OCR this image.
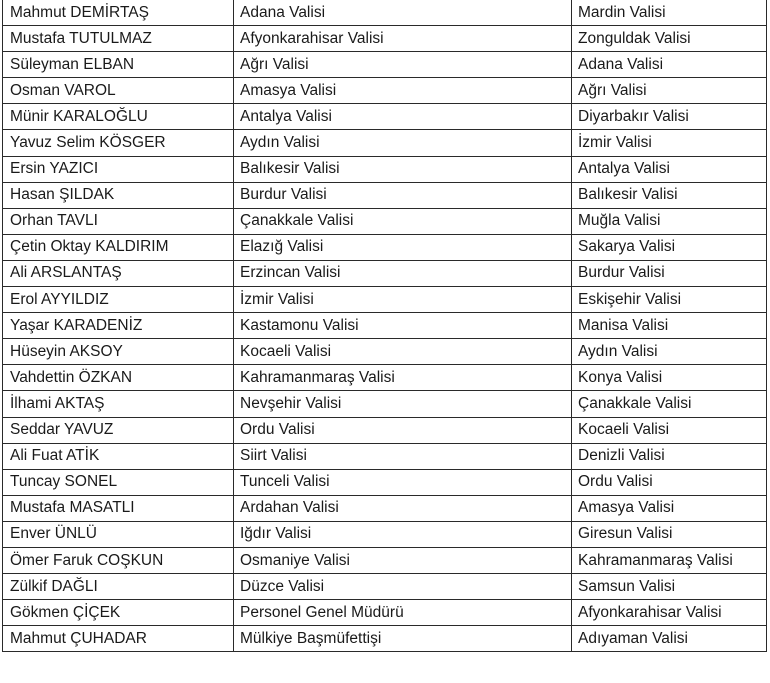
Mahmut DEMİRTAŞ	Adana Valisi	Mardin Valisi
Mustafa TUTULMAZ	Afyonkarahisar Valisi	Zonguldak Valisi
Süleyman ELBAN	Ağrı Valisi	Adana Valisi
Osman VAROL	Amasya Valisi	Ağrı Valisi
Münir KARALOĞLU	Antalya Valisi	Diyarbakır Valisi
Yavuz Selim KÖSGER	Aydın Valisi	İzmir Valisi
Ersin YAZICI	Balıkesir Valisi	Antalya Valisi
Hasan ŞILDAK	Burdur Valisi	Balıkesir Valisi
Orhan TAVLI	Çanakkale Valisi	Muğla Valisi
Çetin Oktay KALDIRIM	Elazığ Valisi	Sakarya Valisi
Ali ARSLANTAŞ	Erzincan Valisi	Burdur Valisi
Erol AYYILDIZ	İzmir Valisi	Eskişehir Valisi
Yaşar KARADENİZ	Kastamonu Valisi	Manisa Valisi
Hüseyin AKSOY	Kocaeli Valisi	Aydın Valisi
Vahdettin ÖZKAN	Kahramanmaraş Valisi	Konya Valisi
İlhami AKTAŞ	Nevşehir Valisi	Çanakkale Valisi
Seddar YAVUZ	Ordu Valisi	Kocaeli Valisi
Ali Fuat ATİK	Siirt Valisi	Denizli Valisi
Tuncay SONEL	Tunceli Valisi	Ordu Valisi
Mustafa MASATLI	Ardahan Valisi	Amasya Valisi
Enver ÜNLÜ	Iğdır Valisi	Giresun Valisi
Ömer Faruk COŞKUN	Osmaniye Valisi	Kahramanmaraş Valisi
Zülkif DAĞLI	Düzce Valisi	Samsun Valisi
Gökmen ÇİÇEK	Personel Genel Müdürü	Afyonkarahisar Valisi
Mahmut ÇUHADAR	Mülkiye Başmüfettişi	Adıyaman Valisi
